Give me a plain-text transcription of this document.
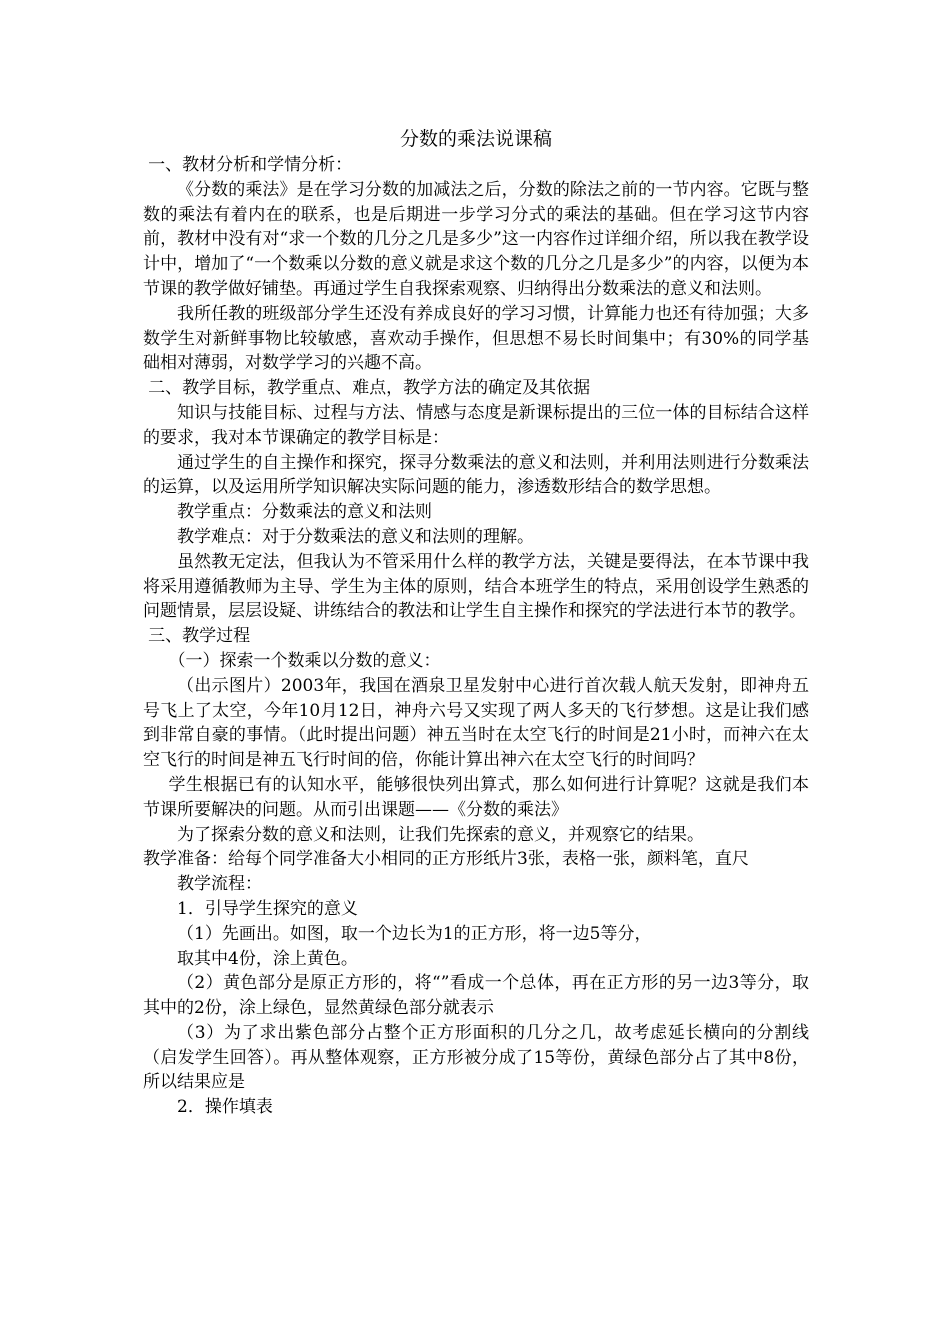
分数的乘法说课稿

一、教材分析和学情分析：

《分数的乘法》是在学习分数的加减法之后，分数的除法之前的一节内容。它既与整数的乘法有着内在的联系，也是后期进一步学习分式的乘法的基础。但在学习这节内容前，教材中没有对“求一个数的几分之几是多少”这一内容作过详细介绍，所以我在教学设计中，增加了“一个数乘以分数的意义就是求这个数的几分之几是多少”的内容，以便为本节课的教学做好铺垫。再通过学生自我探索观察、归纳得出分数乘法的意义和法则。

我所任教的班级部分学生还没有养成良好的学习习惯，计算能力也还有待加强；大多数学生对新鲜事物比较敏感，喜欢动手操作，但思想不易长时间集中；有30%的同学基础相对薄弱，对数学学习的兴趣不高。

二、教学目标，教学重点、难点，教学方法的确定及其依据

知识与技能目标、过程与方法、情感与态度是新课标提出的三位一体的目标结合这样的要求，我对本节课确定的教学目标是：

通过学生的自主操作和探究，探寻分数乘法的意义和法则，并利用法则进行分数乘法的运算，以及运用所学知识解决实际问题的能力，渗透数形结合的数学思想。

教学重点：分数乘法的意义和法则

教学难点：对于分数乘法的意义和法则的理解。

虽然教无定法，但我认为不管采用什么样的教学方法，关键是要得法，在本节课中我将采用遵循教师为主导、学生为主体的原则，结合本班学生的特点，采用创设学生熟悉的问题情景，层层设疑、讲练结合的教法和让学生自主操作和探究的学法进行本节的教学。

三、教学过程

（一）探索一个数乘以分数的意义：

（出示图片）2003年，我国在酒泉卫星发射中心进行首次载人航天发射，即神舟五号飞上了太空，今年10月12日，神舟六号又实现了两人多天的飞行梦想。这是让我们感到非常自豪的事情。（此时提出问题）神五当时在太空飞行的时间是21小时，而神六在太空飞行的时间是神五飞行时间的倍，你能计算出神六在太空飞行的时间吗？

学生根据已有的认知水平，能够很快列出算式，那么如何进行计算呢？这就是我们本节课所要解决的问题。从而引出课题——《分数的乘法》

为了探索分数的意义和法则，让我们先探索的意义，并观察它的结果。

教学准备：给每个同学准备大小相同的正方形纸片3张，表格一张，颜料笔，直尺

教学流程：

1．引导学生探究的意义

（1）先画出。如图，取一个边长为1的正方形，将一边5等分，

取其中4份，涂上黄色。

（2）黄色部分是原正方形的，将“”看成一个总体，再在正方形的另一边3等分，取其中的2份，涂上绿色，显然黄绿色部分就表示

（3）为了求出紫色部分占整个正方形面积的几分之几，故考虑延长横向的分割线（启发学生回答）。再从整体观察，正方形被分成了15等份，黄绿色部分占了其中8份，所以结果应是

2．操作填表
